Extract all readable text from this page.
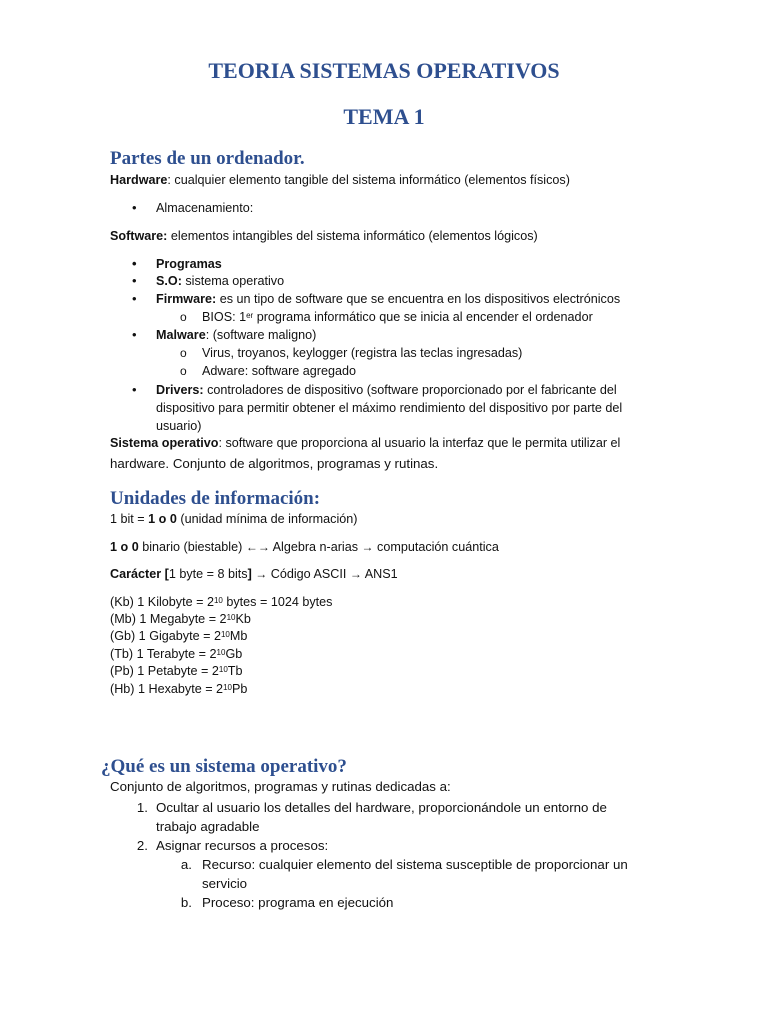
TEORIA SISTEMAS OPERATIVOS
TEMA 1
Partes de un ordenador.
Hardware: cualquier elemento tangible del sistema informático (elementos físicos)
• Almacenamiento:
Software: elementos intangibles del sistema informático (elementos lógicos)
• Programas
• S.O: sistema operativo
• Firmware: es un tipo de software que se encuentra en los dispositivos electrónicos
o BIOS: 1er programa informático que se inicia al encender el ordenador
• Malware: (software maligno)
o Virus, troyanos, keylogger (registra las teclas ingresadas)
o Adware: software agregado
• Drivers: controladores de dispositivo (software proporcionado por el fabricante del
dispositivo para permitir obtener el máximo rendimiento del dispositivo por parte del
usuario)
Sistema operativo: software que proporciona al usuario la interfaz que le permita utilizar el
hardware. Conjunto de algoritmos, programas y rutinas.
Unidades de información:
1 bit = 1 o 0 (unidad mínima de información)
1 o 0 binario (biestable) ←→ Algebra n-arias → computación cuántica
Carácter [1 byte = 8 bits] → Código ASCII → ANS1
(Kb) 1 Kilobyte = $2^{10}$ bytes = 1024 bytes
(Mb) 1 Megabyte = $2^{10}Kb$
(Gb) 1 Gigabyte = $2^{10}Mb$
(Tb) 1 Terabyte = $2^{10}Gb$
(Pb) 1 Petabyte = $2^{10}Tb$
(Hb) 1 Hexabyte = $2^{10}Pb$
¿Qué es un sistema operativo?
Conjunto de algoritmos, programas y rutinas dedicadas a:
1. Ocultar al usuario los detalles del hardware, proporcionándole un entorno de
trabajo agradable
2. Asignar recursos a procesos:
a. Recurso: cualquier elemento del sistema susceptible de proporcionar un
servicio
b. Proceso: programa en ejecución
